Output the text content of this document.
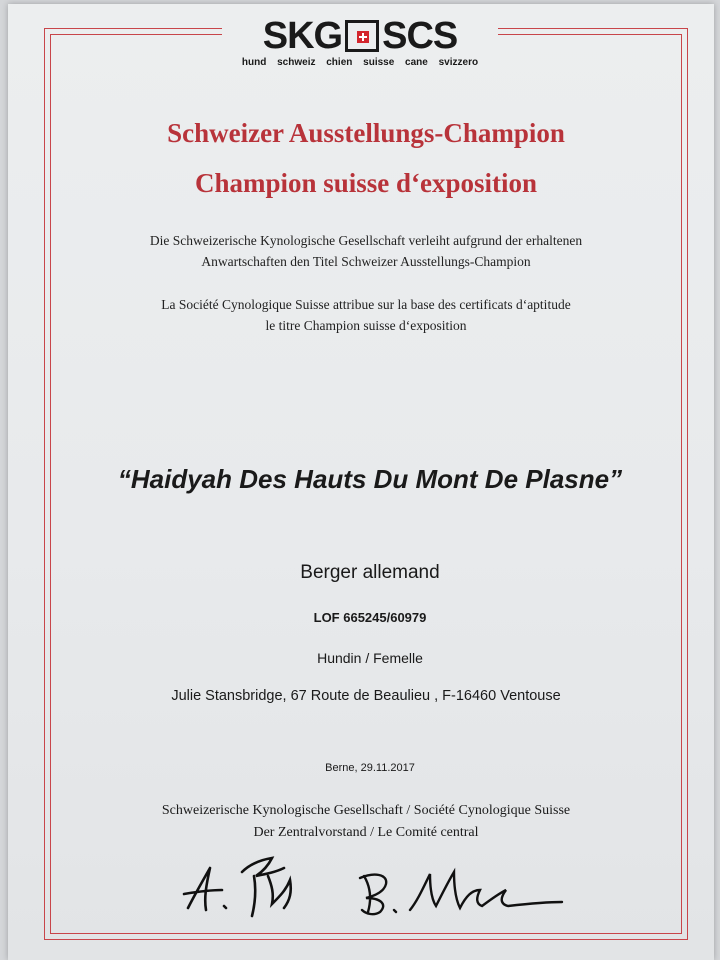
SKG SCS
hund schweiz chien suisse cane svizzero
Schweizer Ausstellungs-Champion
Champion suisse d‘exposition
Die Schweizerische Kynologische Gesellschaft verleiht aufgrund der erhaltenen
Anwartschaften den Titel Schweizer Ausstellungs-Champion
La Société Cynologique Suisse attribue sur la base des certificats d‘aptitude
le titre Champion suisse d‘exposition
“Haidyah Des Hauts Du Mont De Plasne”
Berger allemand
LOF 665245/60979
Hundin / Femelle
Julie Stansbridge, 67 Route de Beaulieu , F-16460 Ventouse
Berne, 29.11.2017
Schweizerische Kynologische Gesellschaft / Société Cynologique Suisse
Der Zentralvorstand / Le Comité central
